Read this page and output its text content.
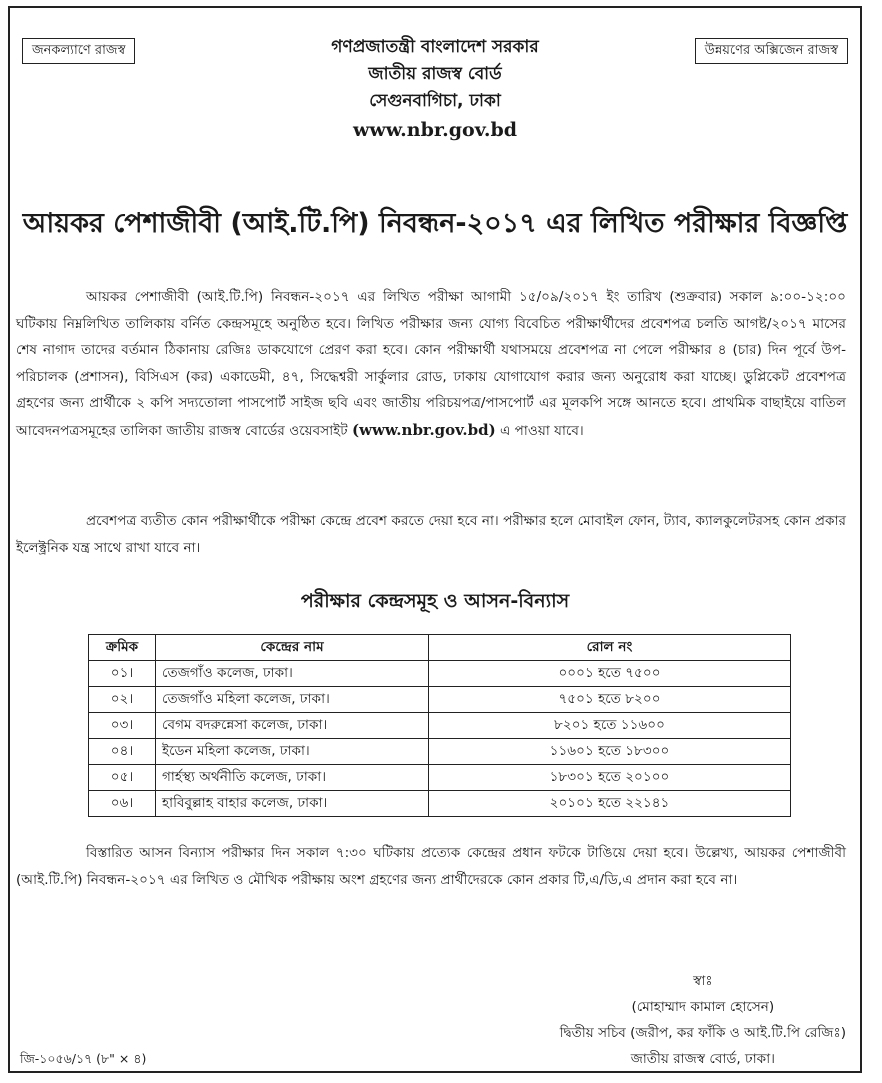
জনকল্যাণে রাজস্ব	উন্নয়ণের অক্সিজেন রাজস্ব
গণপ্রজাতন্ত্রী বাংলাদেশ সরকার
জাতীয় রাজস্ব বোর্ড
সেগুনবাগিচা, ঢাকা
www.nbr.gov.bd
আয়কর পেশাজীবী (আই.টি.পি) নিবন্ধন-২০১৭ এর লিখিত পরীক্ষার বিজ্ঞপ্তি
আয়কর পেশাজীবী (আই.টি.পি) নিবন্ধন-২০১৭ এর লিখিত পরীক্ষা আগামী ১৫/০৯/২০১৭ ইং তারিখ (শুক্রবার) সকাল ৯:০০-১২:০০ ঘটিকায় নিম্নলিখিত তালিকায় বর্নিত কেন্দ্রসমূহে অনুষ্ঠিত হবে। লিখিত পরীক্ষার জন্য যোগ্য বিবেচিত পরীক্ষার্থীদের প্রবেশপত্র চলতি আগষ্ট/২০১৭ মাসের শেষ নাগাদ তাদের বর্তমান ঠিকানায় রেজিঃ ডাকযোগে প্রেরণ করা হবে। কোন পরীক্ষার্থী যথাসময়ে প্রবেশপত্র না পেলে পরীক্ষার ৪ (চার) দিন পূর্বে উপ-পরিচালক (প্রশাসন), বিসিএস (কর) একাডেমী, ৪৭, সিদ্ধেশ্বরী সার্কুলার রোড, ঢাকায় যোগাযোগ করার জন্য অনুরোধ করা যাচ্ছে। ডুপ্লিকেট প্রবেশপত্র গ্রহণের জন্য প্রার্থীকে ২ কপি সদ্যতোলা পাসপোর্ট সাইজ ছবি এবং জাতীয় পরিচয়পত্র/পাসপোর্ট এর মূলকপি সঙ্গে আনতে হবে। প্রাথমিক বাছাইয়ে বাতিল আবেদনপত্রসমূহের তালিকা জাতীয় রাজস্ব বোর্ডের ওয়েবসাইট (www.nbr.gov.bd) এ পাওয়া যাবে।
প্রবেশপত্র ব্যতীত কোন পরীক্ষার্থীকে পরীক্ষা কেন্দ্রে প্রবেশ করতে দেয়া হবে না। পরীক্ষার হলে মোবাইল ফোন, ট্যাব, ক্যালকুলেটরসহ কোন প্রকার ইলেক্ট্রনিক যন্ত্র সাথে রাখা যাবে না।
পরীক্ষার কেন্দ্রসমূহ ও আসন-বিন্যাস
ক্রমিক	কেন্দ্রের নাম	রোল নং
০১।	তেজগাঁও কলেজ, ঢাকা।	০০০১ হতে ৭৫০০
০২।	তেজগাঁও মহিলা কলেজ, ঢাকা।	৭৫০১ হতে ৮২০০
০৩।	বেগম বদরুন্নেসা কলেজ, ঢাকা।	৮২০১ হতে ১১৬০০
০৪।	ইডেন মহিলা কলেজ, ঢাকা।	১১৬০১ হতে ১৮৩০০
০৫।	গার্হস্থ্য অর্থনীতি কলেজ, ঢাকা।	১৮৩০১ হতে ২০১০০
০৬।	হাবিবুল্লাহ বাহার কলেজ, ঢাকা।	২০১০১ হতে ২২১৪১
বিস্তারিত আসন বিন্যাস পরীক্ষার দিন সকাল ৭:৩০ ঘটিকায় প্রত্যেক কেন্দ্রের প্রধান ফটকে টাঙিয়ে দেয়া হবে। উল্লেখ্য, আয়কর পেশাজীবী (আই.টি.পি) নিবন্ধন-২০১৭ এর লিখিত ও মৌখিক পরীক্ষায় অংশ গ্রহণের জন্য প্রার্থীদেরকে কোন প্রকার টি,এ/ডি,এ প্রদান করা হবে না।
স্বাঃ
(মোহাম্মাদ কামাল হোসেন)
দ্বিতীয় সচিব (জরীপ, কর ফাঁকি ও আই.টি.পি রেজিঃ)
জাতীয় রাজস্ব বোর্ড, ঢাকা।
জি-১০৫৬/১৭ (৮" × ৪)
